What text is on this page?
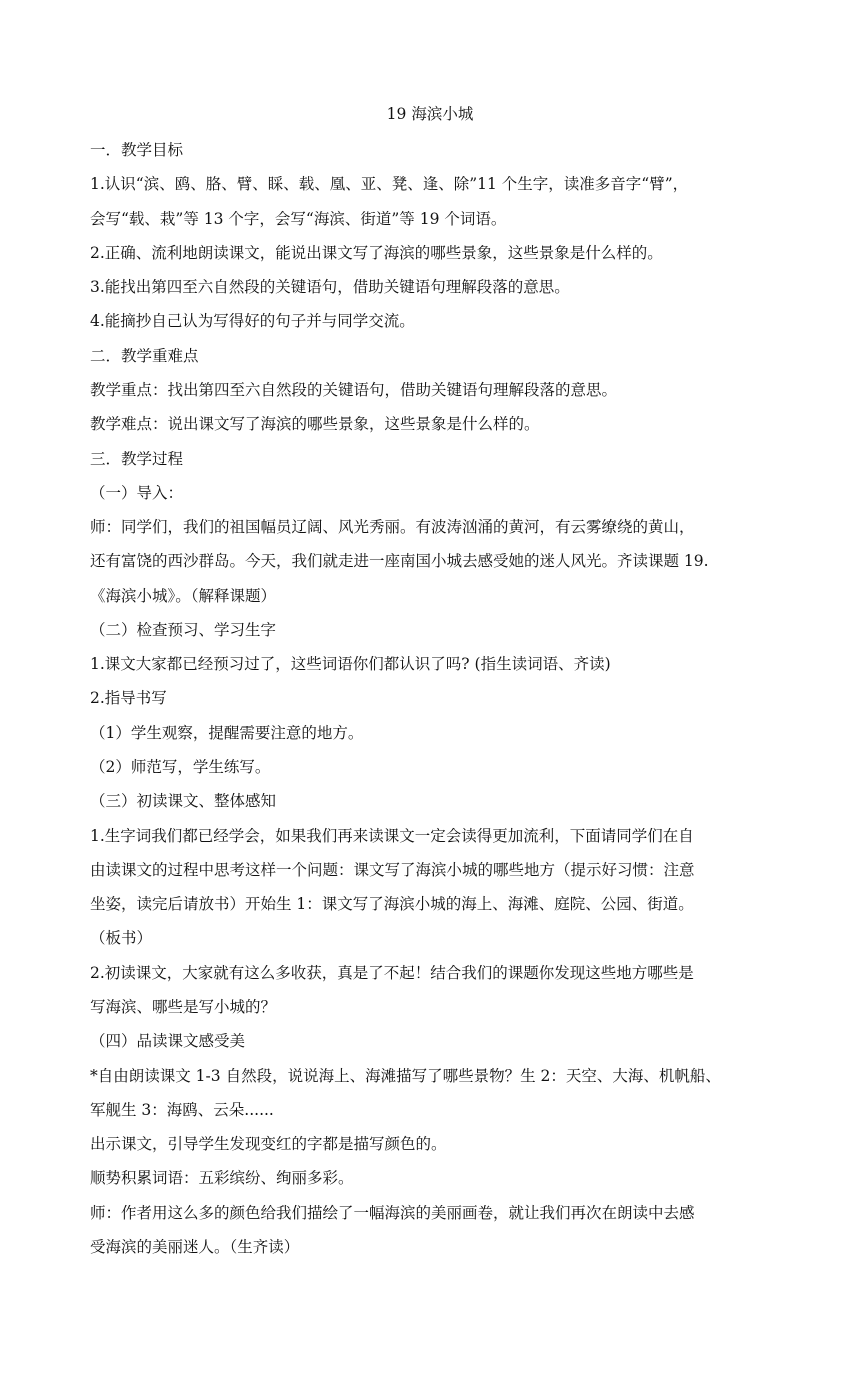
19 海滨小城
一．教学目标
1.认识“滨、鸥、胳、臂、睬、载、凰、亚、凳、逢、除”11 个生字，读准多音字“臂”，
会写“载、栽”等 13 个字，会写“海滨、街道”等 19 个词语。
2.正确、流利地朗读课文，能说出课文写了海滨的哪些景象，这些景象是什么样的。
3.能找出第四至六自然段的关键语句，借助关键语句理解段落的意思。
4.能摘抄自己认为写得好的句子并与同学交流。
二．教学重难点
教学重点：找出第四至六自然段的关键语句，借助关键语句理解段落的意思。
教学难点：说出课文写了海滨的哪些景象，这些景象是什么样的。
三．教学过程
（一）导入：
师：同学们，我们的祖国幅员辽阔、风光秀丽。有波涛汹涌的黄河，有云雾缭绕的黄山，
还有富饶的西沙群岛。今天，我们就走进一座南国小城去感受她的迷人风光。齐读课题 19.
《海滨小城》。（解释课题）
（二）检查预习、学习生字
1.课文大家都已经预习过了，这些词语你们都认识了吗? (指生读词语、齐读)
2.指导书写
（1）学生观察，提醒需要注意的地方。
（2）师范写，学生练写。
（三）初读课文、整体感知
1.生字词我们都已经学会，如果我们再来读课文一定会读得更加流利，下面请同学们在自
由读课文的过程中思考这样一个问题：课文写了海滨小城的哪些地方（提示好习惯：注意
坐姿，读完后请放书）开始生 1：课文写了海滨小城的海上、海滩、庭院、公园、街道。
（板书）
2.初读课文，大家就有这么多收获，真是了不起！结合我们的课题你发现这些地方哪些是
写海滨、哪些是写小城的？
（四）品读课文感受美
*自由朗读课文 1-3 自然段，说说海上、海滩描写了哪些景物？生 2：天空、大海、机帆船、
军舰生 3：海鸥、云朵......
出示课文，引导学生发现变红的字都是描写颜色的。
顺势积累词语：五彩缤纷、绚丽多彩。
师：作者用这么多的颜色给我们描绘了一幅海滨的美丽画卷，就让我们再次在朗读中去感
受海滨的美丽迷人。（生齐读）
